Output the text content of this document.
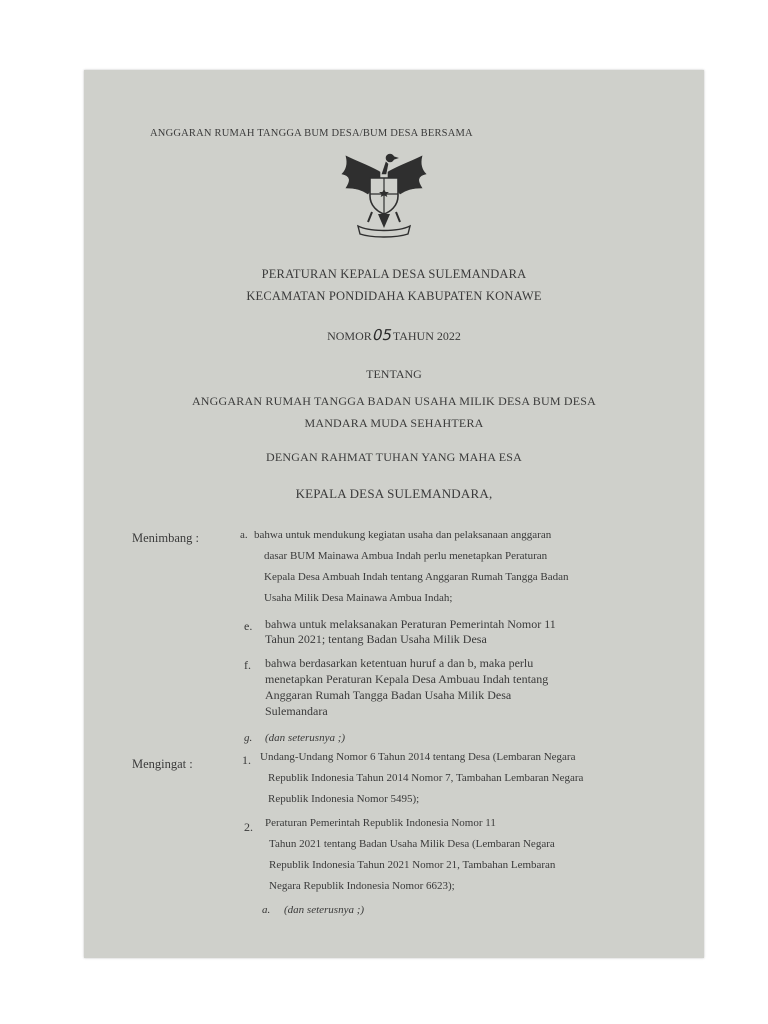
ANGGARAN RUMAH TANGGA BUM DESA/BUM DESA BERSAMA
PERATURAN KEPALA DESA SULEMANDARA
KECAMATAN PONDIDAHA KABUPATEN KONAWE
NOMOR05TAHUN 2022
TENTANG
ANGGARAN RUMAH TANGGA BADAN USAHA MILIK DESA BUM DESA
MANDARA MUDA SEHAHTERA
DENGAN RAHMAT TUHAN YANG MAHA ESA
KEPALA DESA SULEMANDARA,
Menimbang :	a. bahwa untuk mendukung kegiatan usaha dan pelaksanaan anggaran
dasar BUM Mainawa Ambua Indah perlu menetapkan Peraturan
Kepala Desa Ambuah Indah tentang Anggaran Rumah Tangga Badan
Usaha Milik Desa Mainawa Ambua Indah;
e. bahwa untuk melaksanakan Peraturan Pemerintah Nomor 11
Tahun 2021; tentang Badan Usaha Milik Desa
f. bahwa berdasarkan ketentuan huruf a dan b, maka perlu
menetapkan Peraturan Kepala Desa Ambuau Indah tentang
Anggaran Rumah Tangga Badan Usaha Milik Desa
Sulemandara
g. (dan seterusnya ;)
Mengingat :	1. Undang-Undang Nomor 6 Tahun 2014 tentang Desa (Lembaran Negara
Republik Indonesia Tahun 2014 Nomor 7, Tambahan Lembaran Negara
Republik Indonesia Nomor 5495);
2. Peraturan Pemerintah Republik Indonesia Nomor 11
Tahun 2021 tentang Badan Usaha Milik Desa (Lembaran Negara
Republik Indonesia Tahun 2021 Nomor 21, Tambahan Lembaran
Negara Republik Indonesia Nomor 6623);
a. (dan seterusnya ;)
